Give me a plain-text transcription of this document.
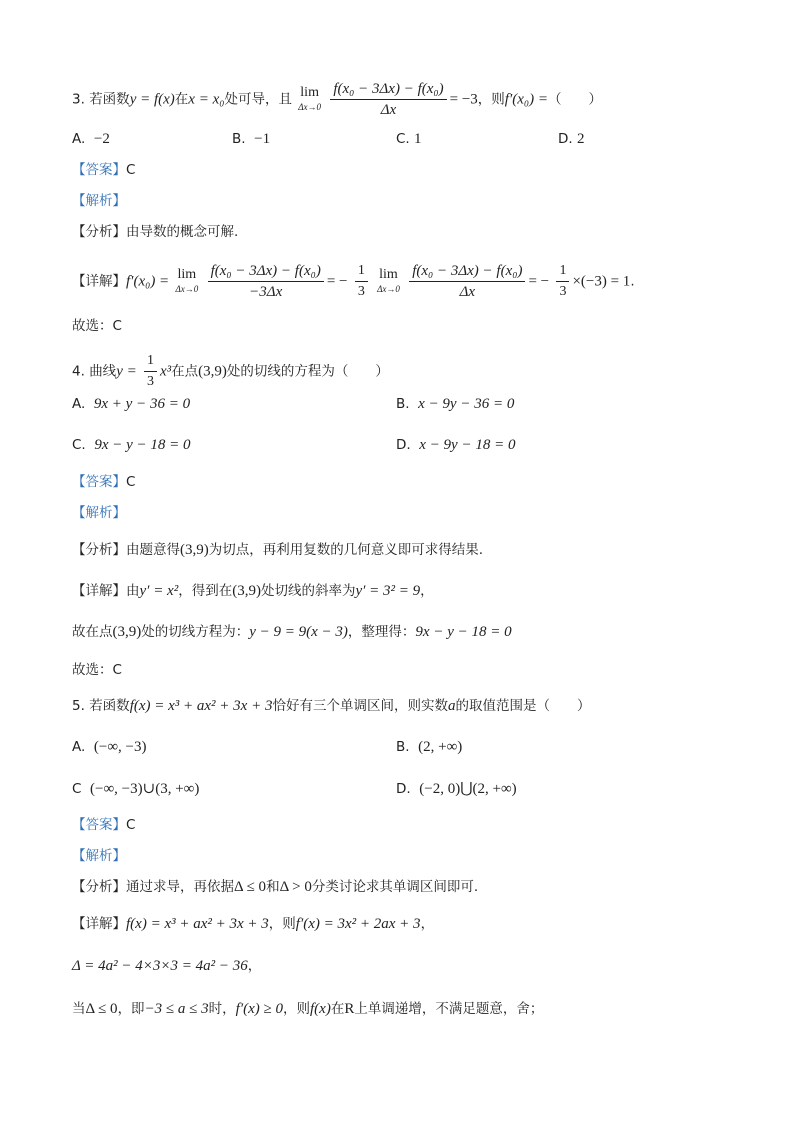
3. 若函数y = f(x)在x = x₀处可导，且 lim
Δx→0
$\frac{\text{f(x₀ − 3Δx) − f(x₀)}}{\Delta x} = -3$，则f′(x₀) =（　　）
A. −2	B. −1	C. 1	D. 2
【答案】C
【解析】
【分析】由导数的概念可解.
【详解】f′(x₀) = lim
Δx→0
$\frac{\text{f(x₀ − 3Δx) − f(x₀)}}{-3\Delta x}$ = − $\frac{1}{3}$
lim
Δx→0
$\frac{\text{f(x₀ − 3Δx) − f(x₀)}}{\Delta x}$ = − $\frac{1}{3} \times(-3) = 1$.
故选：C
4. 曲线$y = \frac{1}{3} x^3$在点(3,9)处的切线的方程为（　　）
A. 9x + y − 36 = 0	B. x − 9y − 36 = 0
C. 9x − y − 18 = 0	D. x − 9y − 18 = 0
【答案】C
【解析】
【分析】由题意得(3,9)为切点，再利用复数的几何意义即可求得结果.
【详解】由y′ = x²，得到在(3,9)处切线的斜率为y′ = 3² = 9，
故在点(3,9)处的切线方程为：y − 9 = 9(x − 3)，整理得：9x − y − 18 = 0
故选：C
5. 若函数f(x) = x³ + ax² + 3x + 3恰好有三个单调区间，则实数a的取值范围是（　　）
A. (−∞, −3)	B. (2, +∞)
C (−∞, −3)∪(3, +∞)	D. (−2, 0)⋃(2, +∞)
【答案】C
【解析】
【分析】通过求导，再依据Δ ≤ 0和Δ > 0分类讨论求其单调区间即可.
【详解】f(x) = x³ + ax² + 3x + 3，则f′(x) = 3x² + 2ax + 3，
Δ = 4a² − 4×3×3 = 4a² − 36，
当Δ ≤ 0，即−3 ≤ a ≤ 3时，f′(x) ≥ 0，则f(x)在R上单调递增，不满足题意，舍；
